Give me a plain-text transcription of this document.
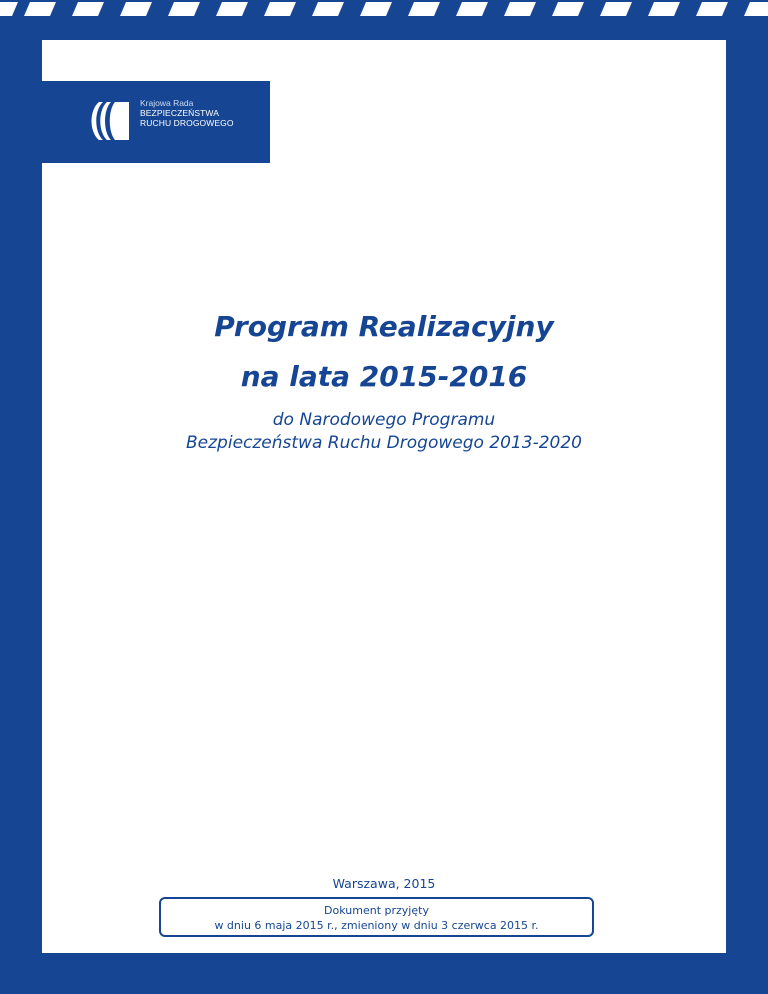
Krajowa Rada
BEZPIECZEŃSTWA
RUCHU DROGOWEGO
Program Realizacyjny
na lata 2015-2016

do Narodowego Programu

Bezpieczeństwa Ruchu Drogowego 2013-2020

Warszawa, 2015
Dokument przyjęty
w dniu 6 maja 2015 r., zmieniony w dniu 3 czerwca 2015 r.
